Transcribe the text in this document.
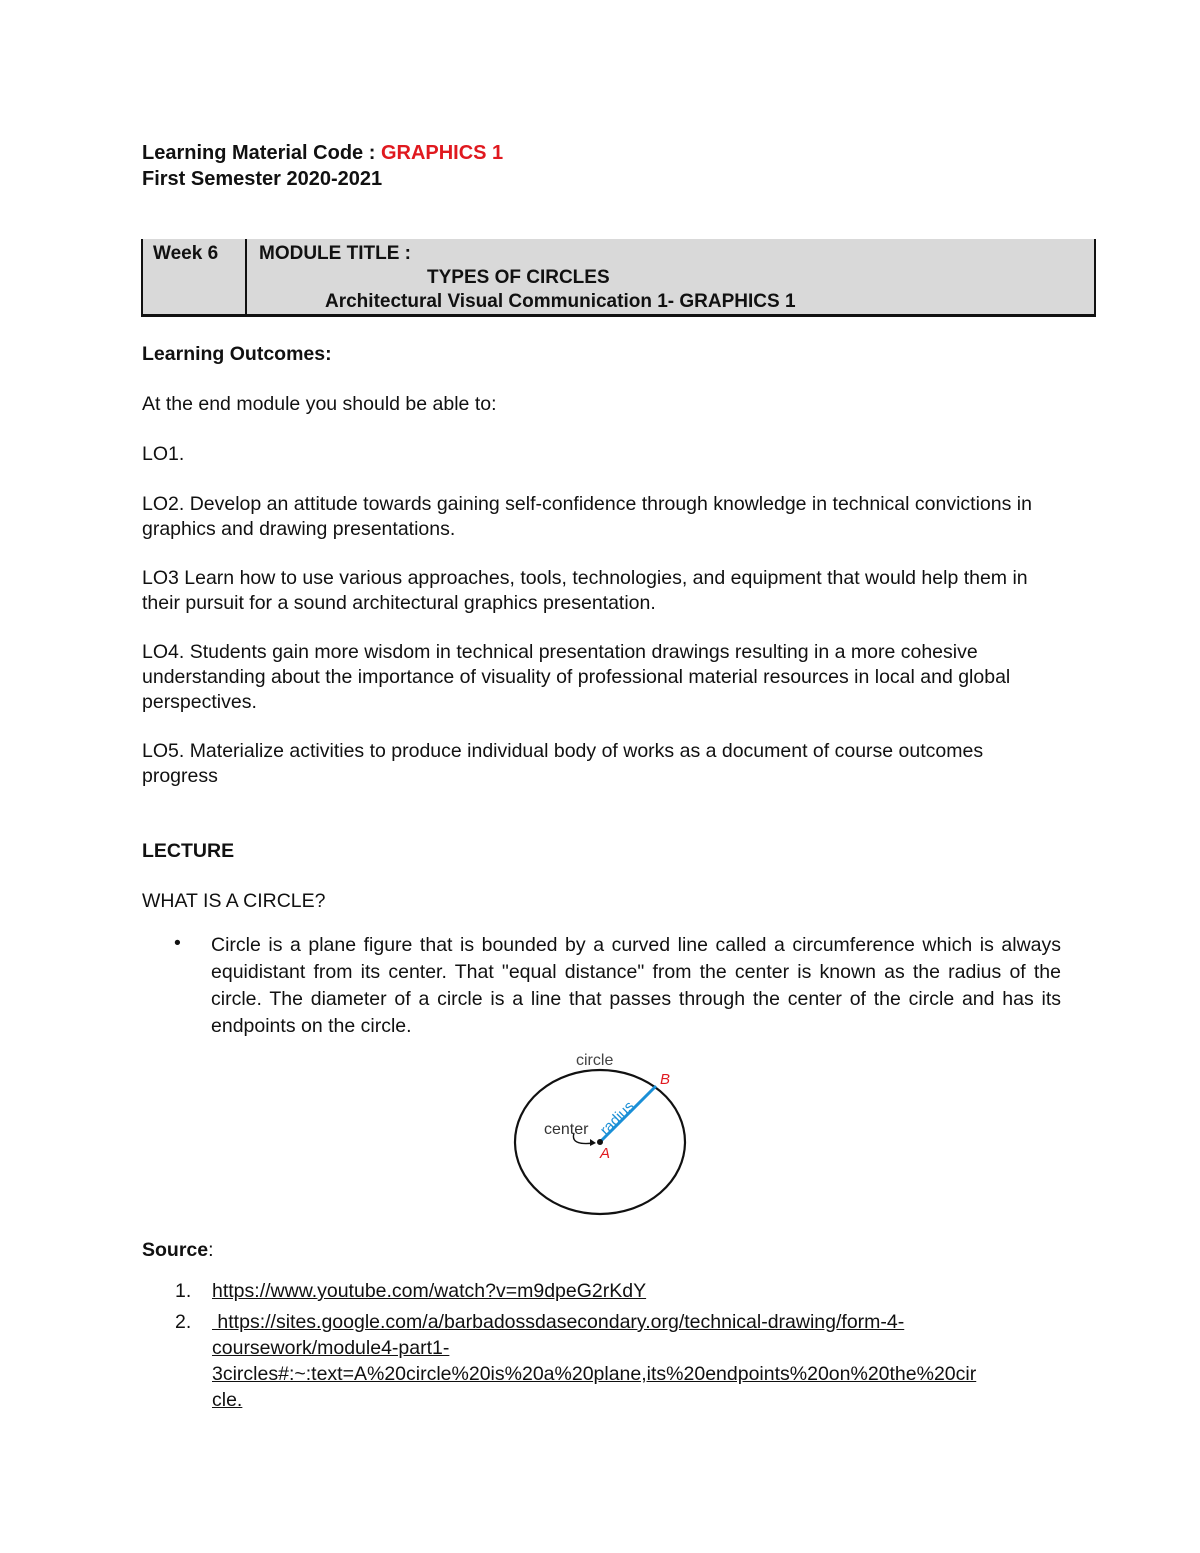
Learning Material Code : GRAPHICS 1
First Semester 2020-2021
Week 6 MODULE TITLE :
TYPES OF CIRCLES
Architectural Visual Communication 1- GRAPHICS 1
Learning Outcomes:
At the end module you should be able to:
LO1.
LO2. Develop an attitude towards gaining self-confidence through knowledge in technical convictions in graphics and drawing presentations.
LO3 Learn how to use various approaches, tools, technologies, and equipment that would help them in their pursuit for a sound architectural graphics presentation.
LO4. Students gain more wisdom in technical presentation drawings resulting in a more cohesive understanding about the importance of visuality of professional material resources in local and global perspectives.
LO5. Materialize activities to produce individual body of works as a document of course outcomes progress
LECTURE
WHAT IS A CIRCLE?
• Circle is a plane figure that is bounded by a curved line called a circumference which is always equidistant from its center. That "equal distance" from the center is known as the radius of the circle. The diameter of a circle is a line that passes through the center of the circle and has its endpoints on the circle.
circle
B
radius
center
A
Source:
1. https://www.youtube.com/watch?v=m9dpeG2rKdY
2. https://sites.google.com/a/barbadossdasecondary.org/technical-drawing/form-4-
coursework/module4-part1-
3circles#:~:text=A%20circle%20is%20a%20plane,its%20endpoints%20on%20the%20cir
cle.
